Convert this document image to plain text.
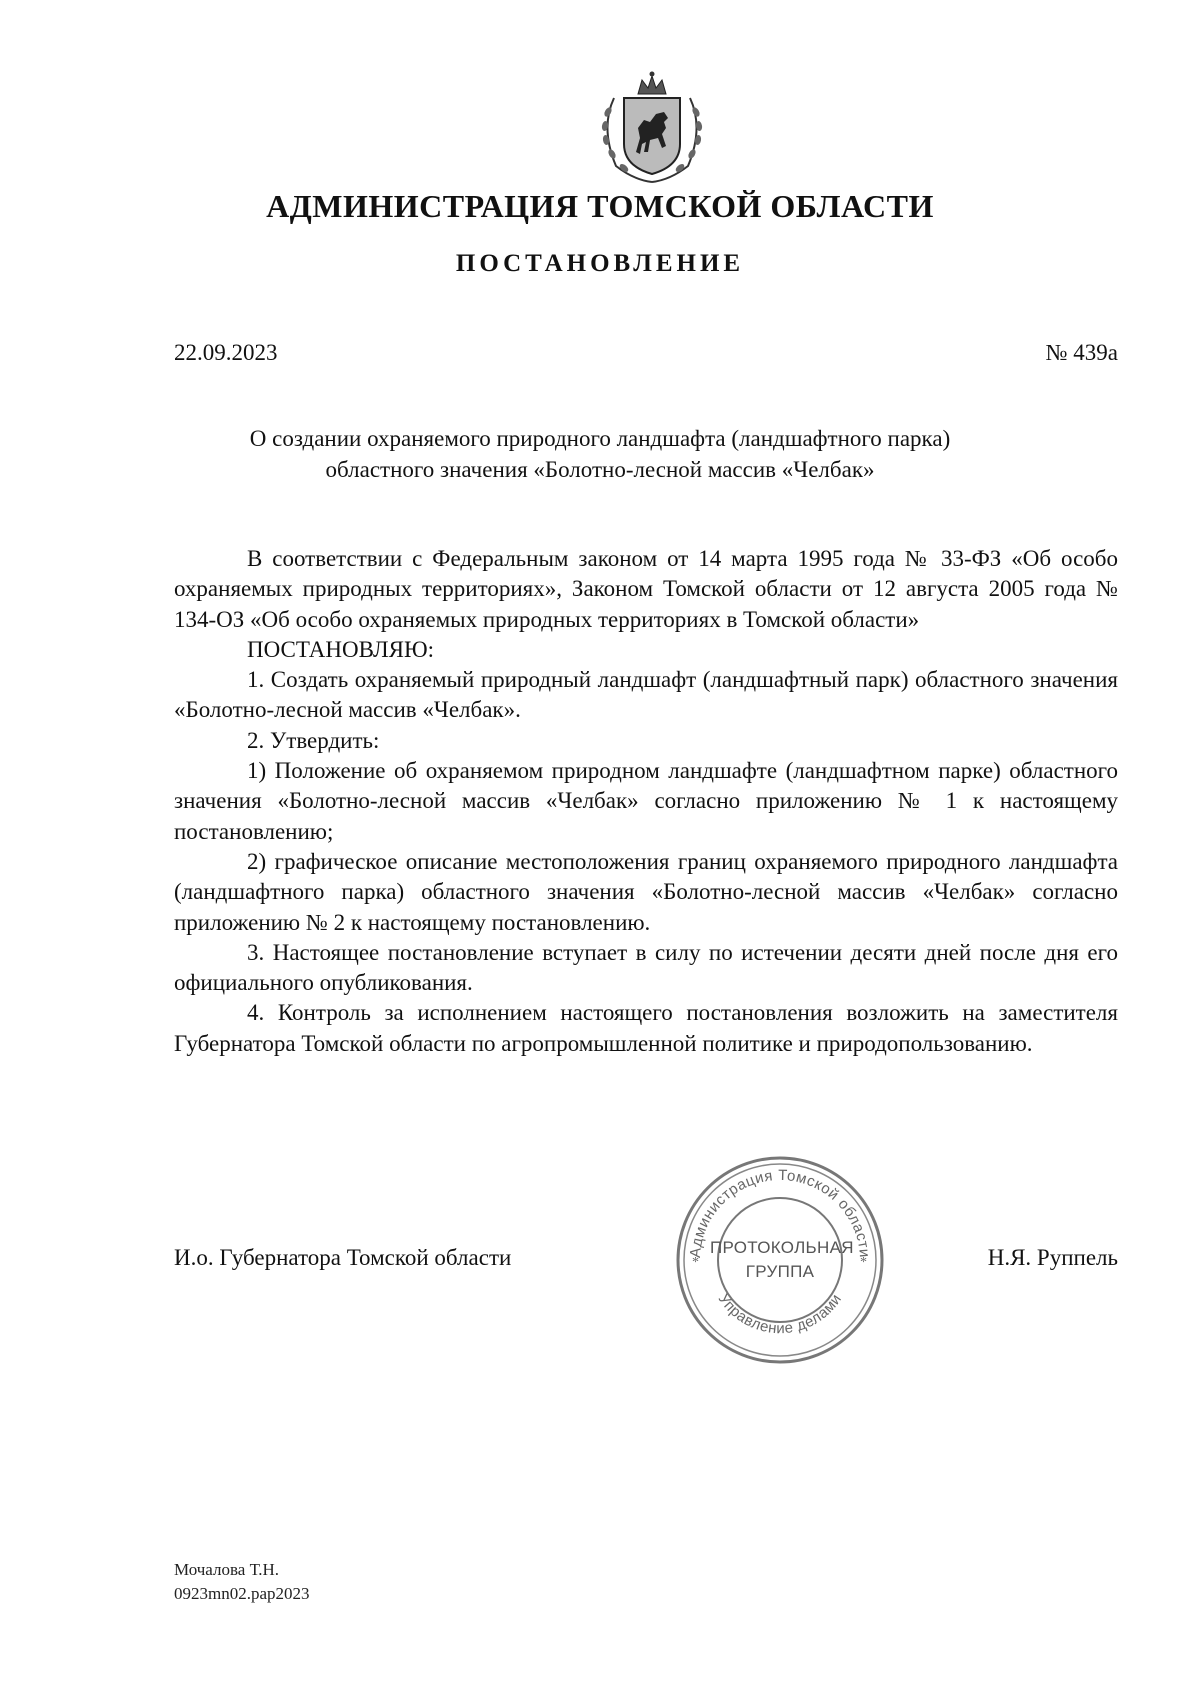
АДМИНИСТРАЦИЯ ТОМСКОЙ ОБЛАСТИ
ПОСТАНОВЛЕНИЕ

22.09.2023	№ 439а

О создании охраняемого природного ландшафта (ландшафтного парка)
областного значения «Болотно-лесной массив «Челбак»

В соответствии с Федеральным законом от 14 марта 1995 года № 33-ФЗ «Об особо охраняемых природных территориях», Законом Томской области от 12 августа 2005 года № 134-ОЗ «Об особо охраняемых природных территориях в Томской области»

ПОСТАНОВЛЯЮ:

1. Создать охраняемый природный ландшафт (ландшафтный парк) областного значения «Болотно-лесной массив «Челбак».

2. Утвердить:

1) Положение об охраняемом природном ландшафте (ландшафтном парке) областного значения «Болотно-лесной массив «Челбак» согласно приложению № 1 к настоящему постановлению;

2) графическое описание местоположения границ охраняемого природного ландшафта (ландшафтного парка) областного значения «Болотно-лесной массив «Челбак» согласно приложению № 2 к настоящему постановлению.

3. Настоящее постановление вступает в силу по истечении десяти дней после дня его официального опубликования.

4. Контроль за исполнением настоящего постановления возложить на заместителя Губернатора Томской области по агропромышленной политике и природопользованию.

И.о. Губернатора Томской области	Администрация Томской области
Управление делами
*	*
ПРОТОКОЛЬНАЯ
ГРУППА

Н.Я. Руппель

Мочалова Т.Н.
0923mn02.pap2023
